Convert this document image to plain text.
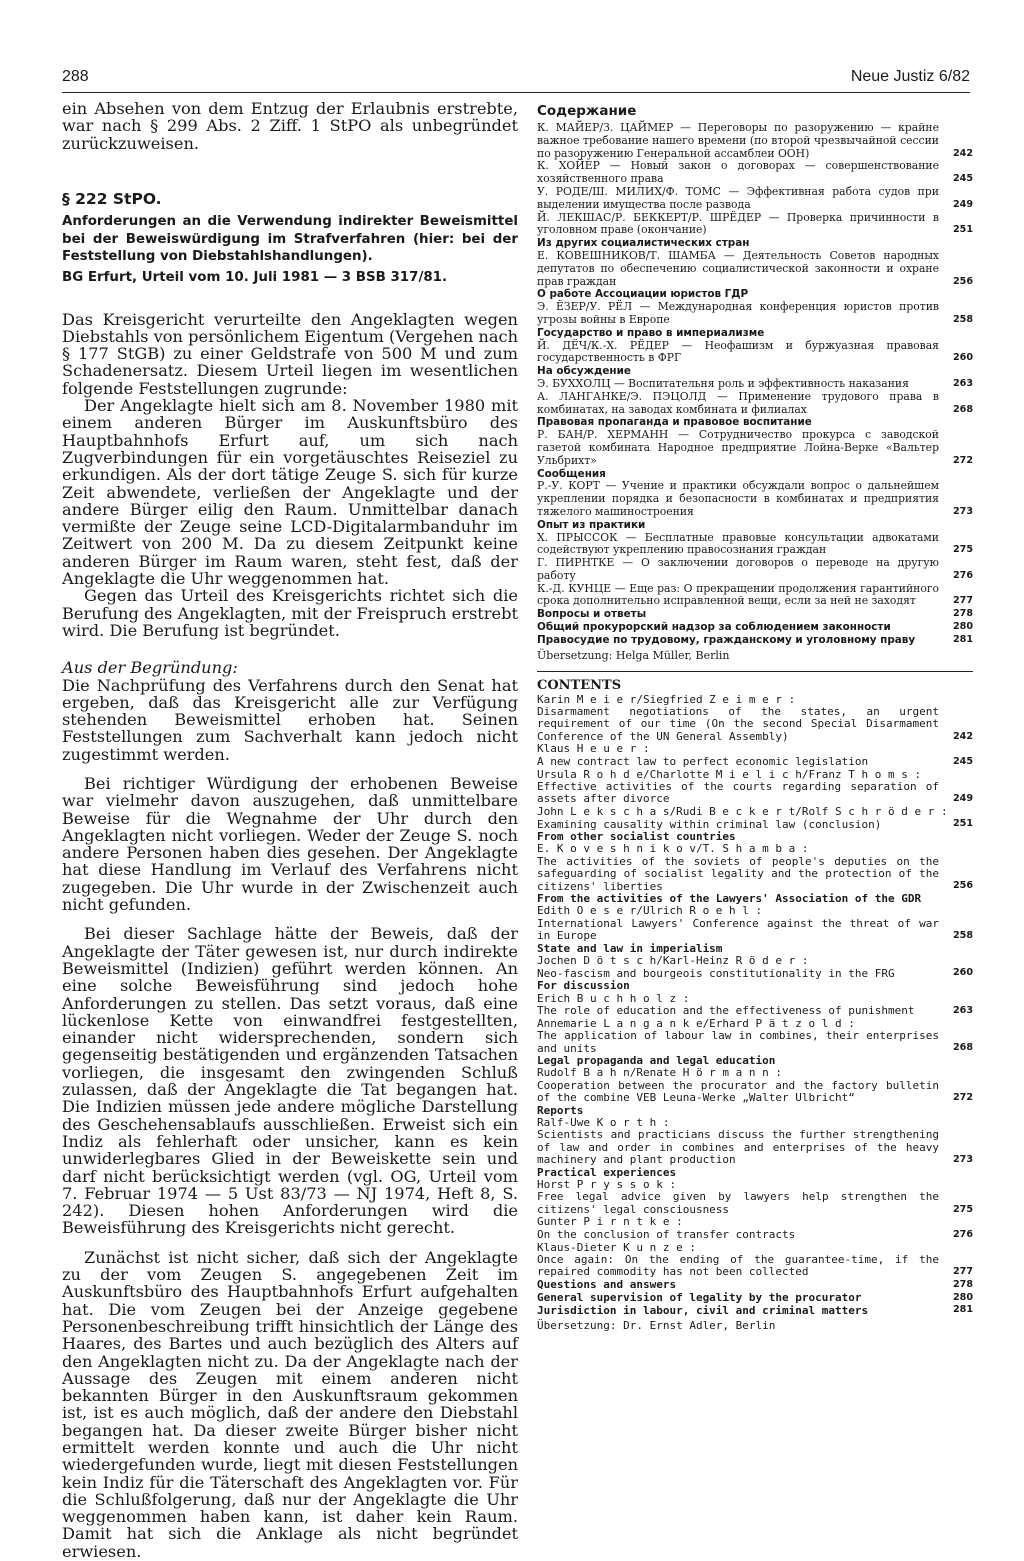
288	Neue Justiz 6/82

ein Absehen von dem Entzug der Erlaubnis erstrebte, war nach § 299 Abs. 2 Ziff. 1 StPO als unbegründet zurückzuweisen.

§ 222 StPO.

Anforderungen an die Verwendung indirekter Beweismittel bei der Beweiswürdigung im Strafverfahren (hier: bei der Feststellung von Diebstahlshandlungen).

BG Erfurt, Urteil vom 10. Juli 1981 — 3 BSB 317/81.

Das Kreisgericht verurteilte den Angeklagten wegen Diebstahls von persönlichem Eigentum (Vergehen nach § 177 StGB) zu einer Geldstrafe von 500 M und zum Schadenersatz. Diesem Urteil liegen im wesentlichen folgende Feststellungen zugrunde:

Der Angeklagte hielt sich am 8. November 1980 mit einem anderen Bürger im Auskunftsbüro des Hauptbahnhofs Erfurt auf, um sich nach Zugverbindungen für ein vorgetäuschtes Reiseziel zu erkundigen. Als der dort tätige Zeuge S. sich für kurze Zeit abwendete, verließen der Angeklagte und der andere Bürger eilig den Raum. Unmittelbar danach vermißte der Zeuge seine LCD-Digitalarmbanduhr im Zeitwert von 200 M. Da zu diesem Zeitpunkt keine anderen Bürger im Raum waren, steht fest, daß der Angeklagte die Uhr weggenommen hat.

Gegen das Urteil des Kreisgerichts richtet sich die Berufung des Angeklagten, mit der Freispruch erstrebt wird. Die Berufung ist begründet.

Aus der Begründung:

Die Nachprüfung des Verfahrens durch den Senat hat ergeben, daß das Kreisgericht alle zur Verfügung stehenden Beweismittel erhoben hat. Seinen Feststellungen zum Sachverhalt kann jedoch nicht zugestimmt werden.

Bei richtiger Würdigung der erhobenen Beweise war vielmehr davon auszugehen, daß unmittelbare Beweise für die Wegnahme der Uhr durch den Angeklagten nicht vorliegen. Weder der Zeuge S. noch andere Personen haben dies gesehen. Der Angeklagte hat diese Handlung im Verlauf des Verfahrens nicht zugegeben. Die Uhr wurde in der Zwischenzeit auch nicht gefunden.

Bei dieser Sachlage hätte der Beweis, daß der Angeklagte der Täter gewesen ist, nur durch indirekte Beweismittel (Indizien) geführt werden können. An eine solche Beweisführung sind jedoch hohe Anforderungen zu stellen. Das setzt voraus, daß eine lückenlose Kette von einwandfrei festgestellten, einander nicht widersprechenden, sondern sich gegenseitig bestätigenden und ergänzenden Tatsachen vorliegen, die insgesamt den zwingenden Schluß zulassen, daß der Angeklagte die Tat begangen hat. Die Indizien müssen jede andere mögliche Darstellung des Geschehensablaufs ausschließen. Erweist sich ein Indiz als fehlerhaft oder unsicher, kann es kein unwiderlegbares Glied in der Beweiskette sein und darf nicht berücksichtigt werden (vgl. OG, Urteil vom 7. Februar 1974 — 5 Ust 83/73 — NJ 1974, Heft 8, S. 242). Diesen hohen Anforderungen wird die Beweisführung des Kreisgerichts nicht gerecht.

Zunächst ist nicht sicher, daß sich der Angeklagte zu der vom Zeugen S. angegebenen Zeit im Auskunftsbüro des Hauptbahnhofs Erfurt aufgehalten hat. Die vom Zeugen bei der Anzeige gegebene Personenbeschreibung trifft hinsichtlich der Länge des Haares, des Bartes und auch bezüglich des Alters auf den Angeklagten nicht zu. Da der Angeklagte nach der Aussage des Zeugen mit einem anderen nicht bekannten Bürger in den Auskunftsraum gekommen ist, ist es auch möglich, daß der andere den Diebstahl begangen hat. Da dieser zweite Bürger bisher nicht ermittelt werden konnte und auch die Uhr nicht wiedergefunden wurde, liegt mit diesen Feststellungen kein Indiz für die Täterschaft des Angeklagten vor. Für die Schlußfolgerung, daß nur der Angeklagte die Uhr weggenommen haben kann, ist daher kein Raum. Damit hat sich die Anklage als nicht begründet erwiesen.

Содержание
К. МАЙЕР/З. ЦАЙМЕР — Переговоры по разоружению — крайне важное требование нашего времени (по второй чрезвычайной сессии по разоружению Генеральной ассамблеи ООН)	242
К. ХОЙЕР — Новый закон о договорах — совершенствование хозяйственного права	245
У. РОДЕ/Ш. МИЛИХ/Ф. ТОМС — Эффективная работа судов при выделении имущества после развода	249
Й. ЛЕКШАС/Р. БЕККЕРТ/Р. ШРЁДЕР — Проверка причинности в уголовном праве (окончание)	251
Из других социалистических стран
Е. КОВЕШНИКОВ/Т. ШАМБА — Деятельность Советов народных депутатов по обеспечению социалистической законности и охране прав граждан	256
О работе Ассоциации юристов ГДР
Э. ЁЗЕР/У. РЁЛ — Международная конференция юристов против угрозы войны в Европе	258
Государство и право в империализме
Й. ДЁЧ/К.-Х. РЁДЕР — Неофашизм и буржуазная правовая государственность в ФРГ	260
На обсуждение
Э. БУХХОЛЦ — Воспитательня роль и эффективность наказания	263
А. ЛАНГАНКЕ/Э. ПЭЦОЛД — Применение трудового права в комбинатах, на заводах комбината и филиалах	268
Правовая пропаганда и правовое воспитание
Р. БАН/Р. ХЕРМАНН — Сотрудничество прокурса с заводской газетой комбината Народное предприятие Лойна-Верке «Вальтер Ульбрихт»	272
Сообщения
Р.-У. КОРТ — Учение и практики обсуждали вопрос о дальнейшем укреплении порядка и безопасности в комбинатах и предприятия тяжелого машиностроения	273
Опыт из практики
Х. ПРЫССОК — Бесплатные правовые консультации адвокатами содействуют укреплению правосознания граждан	275
Г. ПИРНТКЕ — О заключении договоров о переводе на другую работу	276
К.-Д. КУНЦЕ — Еще раз: О прекращении продолжения гарантийного срока дополнительно исправленной вещи, если за ней не заходят	277
Вопросы и ответы	278
Общий прокурорский надзор за соблюдением законности	280
Правосудие по трудовому, гражданскому и уголовному праву	281
Übersetzung: Helga Müller, Berlin
CONTENTS
Karin M e i e r/Siegfried Z e i m e r :
Disarmament negotiations of the states, an urgent requirement of our time (On the second Special Disarmament Conference of the UN General Assembly)	242
Klaus H e u e r :
A new contract law to perfect economic legislation	245
Ursula R o h d e/Charlotte M i e l i c h/Franz T h o m s :
Effective activities of the courts regarding separation of assets after divorce	249
John L e k s c h a s/Rudi B e c k e r t/Rolf S c h r ö d e r :
Examining causality within criminal law (conclusion)	251
From other socialist countries
E. K o v e s h n i k o v/T. S h a m b a :
The activities of the soviets of people's deputies on the safeguarding of socialist legality and the protection of the citizens' liberties	256
From the activities of the Lawyers' Association of the GDR
Edith O e s e r/Ulrich R o e h l :
International Lawyers' Conference against the threat of war in Europe	258
State and law in imperialism
Jochen D ö t s c h/Karl-Heinz R ö d e r :
Neo-fascism and bourgeois constitutionality in the FRG	260
For discussion
Erich B u c h h o l z :
The role of education and the effectiveness of punishment	263
Annemarie L a n g a n k e/Erhard P ä t z o l d :
The application of labour law in combines, their enterprises and units	268
Legal propaganda and legal education
Rudolf B a h n/Renate H ö r m a n n :
Cooperation between the procurator and the factory bulletin of the combine VEB Leuna-Werke „Walter Ulbricht“	272
Reports
Ralf-Uwe K o r t h :
Scientists and practicians discuss the further strengthening of law and order in combines and enterprises of the heavy machinery and plant production	273
Practical experiences
Horst P r y s s o k :
Free legal advice given by lawyers help strengthen the citizens' legal consciousness	275
Gunter P i r n t k e :
On the conclusion of transfer contracts	276
Klaus-Dieter K u n z e :
Once again: On the ending of the guarantee-time, if the repaired commodity has not been collected	277
Questions and answers	278
General supervision of legality by the procurator	280
Jurisdiction in labour, civil and criminal matters	281
Übersetzung: Dr. Ernst Adler, Berlin
